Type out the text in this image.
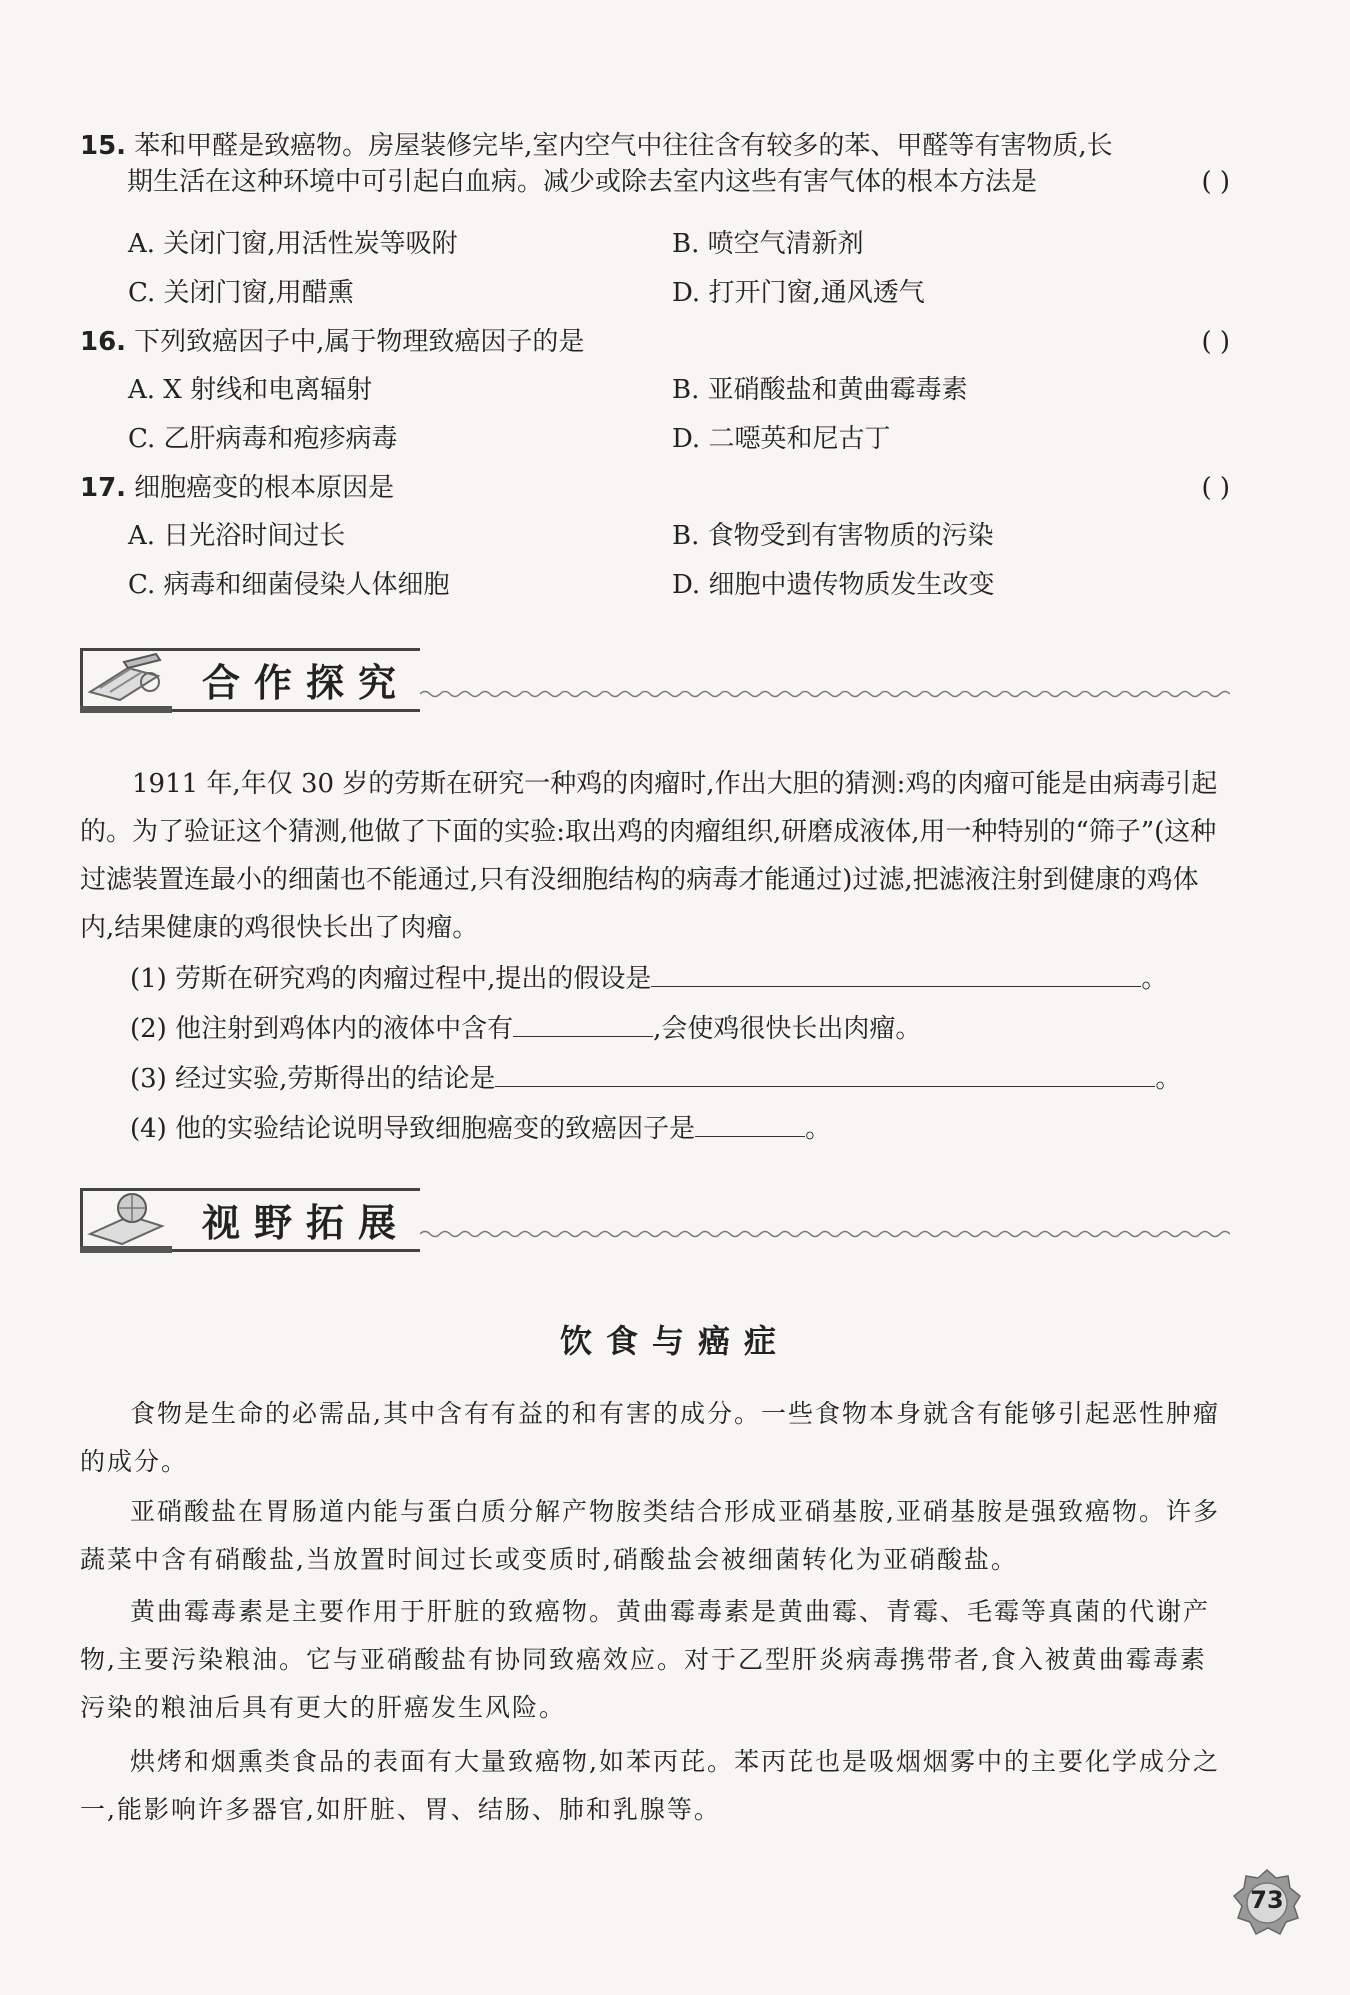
15. 苯和甲醛是致癌物。房屋装修完毕,室内空气中往往含有较多的苯、甲醛等有害物质,长
期生活在这种环境中可引起白血病。减少或除去室内这些有害气体的根本方法是	( )
A. 关闭门窗,用活性炭等吸附	B. 喷空气清新剂
C. 关闭门窗,用醋熏	D. 打开门窗,通风透气
16. 下列致癌因子中,属于物理致癌因子的是	( )
A. X 射线和电离辐射	B. 亚硝酸盐和黄曲霉毒素
C. 乙肝病毒和疱疹病毒	D. 二噁英和尼古丁
17. 细胞癌变的根本原因是	( )
A. 日光浴时间过长	B. 食物受到有害物质的污染
C. 病毒和细菌侵染人体细胞	D. 细胞中遗传物质发生改变
合作探究
1911 年,年仅 30 岁的劳斯在研究一种鸡的肉瘤时,作出大胆的猜测:鸡的肉瘤可能是由病毒引起的。为了验证这个猜测,他做了下面的实验:取出鸡的肉瘤组织,研磨成液体,用一种特别的“筛子”(这种过滤装置连最小的细菌也不能通过,只有没细胞结构的病毒才能通过)过滤,把滤液注射到健康的鸡体内,结果健康的鸡很快长出了肉瘤。
(1) 劳斯在研究鸡的肉瘤过程中,提出的假设是	。
(2) 他注射到鸡体内的液体中含有	,会使鸡很快长出肉瘤。
(3) 经过实验,劳斯得出的结论是	。
(4) 他的实验结论说明导致细胞癌变的致癌因子是	。
视野拓展
饮食与癌症
食物是生命的必需品,其中含有有益的和有害的成分。一些食物本身就含有能够引起恶性肿瘤的成分。
亚硝酸盐在胃肠道内能与蛋白质分解产物胺类结合形成亚硝基胺,亚硝基胺是强致癌物。许多蔬菜中含有硝酸盐,当放置时间过长或变质时,硝酸盐会被细菌转化为亚硝酸盐。
黄曲霉毒素是主要作用于肝脏的致癌物。黄曲霉毒素是黄曲霉、青霉、毛霉等真菌的代谢产物,主要污染粮油。它与亚硝酸盐有协同致癌效应。对于乙型肝炎病毒携带者,食入被黄曲霉毒素污染的粮油后具有更大的肝癌发生风险。
烘烤和烟熏类食品的表面有大量致癌物,如苯丙芘。苯丙芘也是吸烟烟雾中的主要化学成分之一,能影响许多器官,如肝脏、胃、结肠、肺和乳腺等。
73
